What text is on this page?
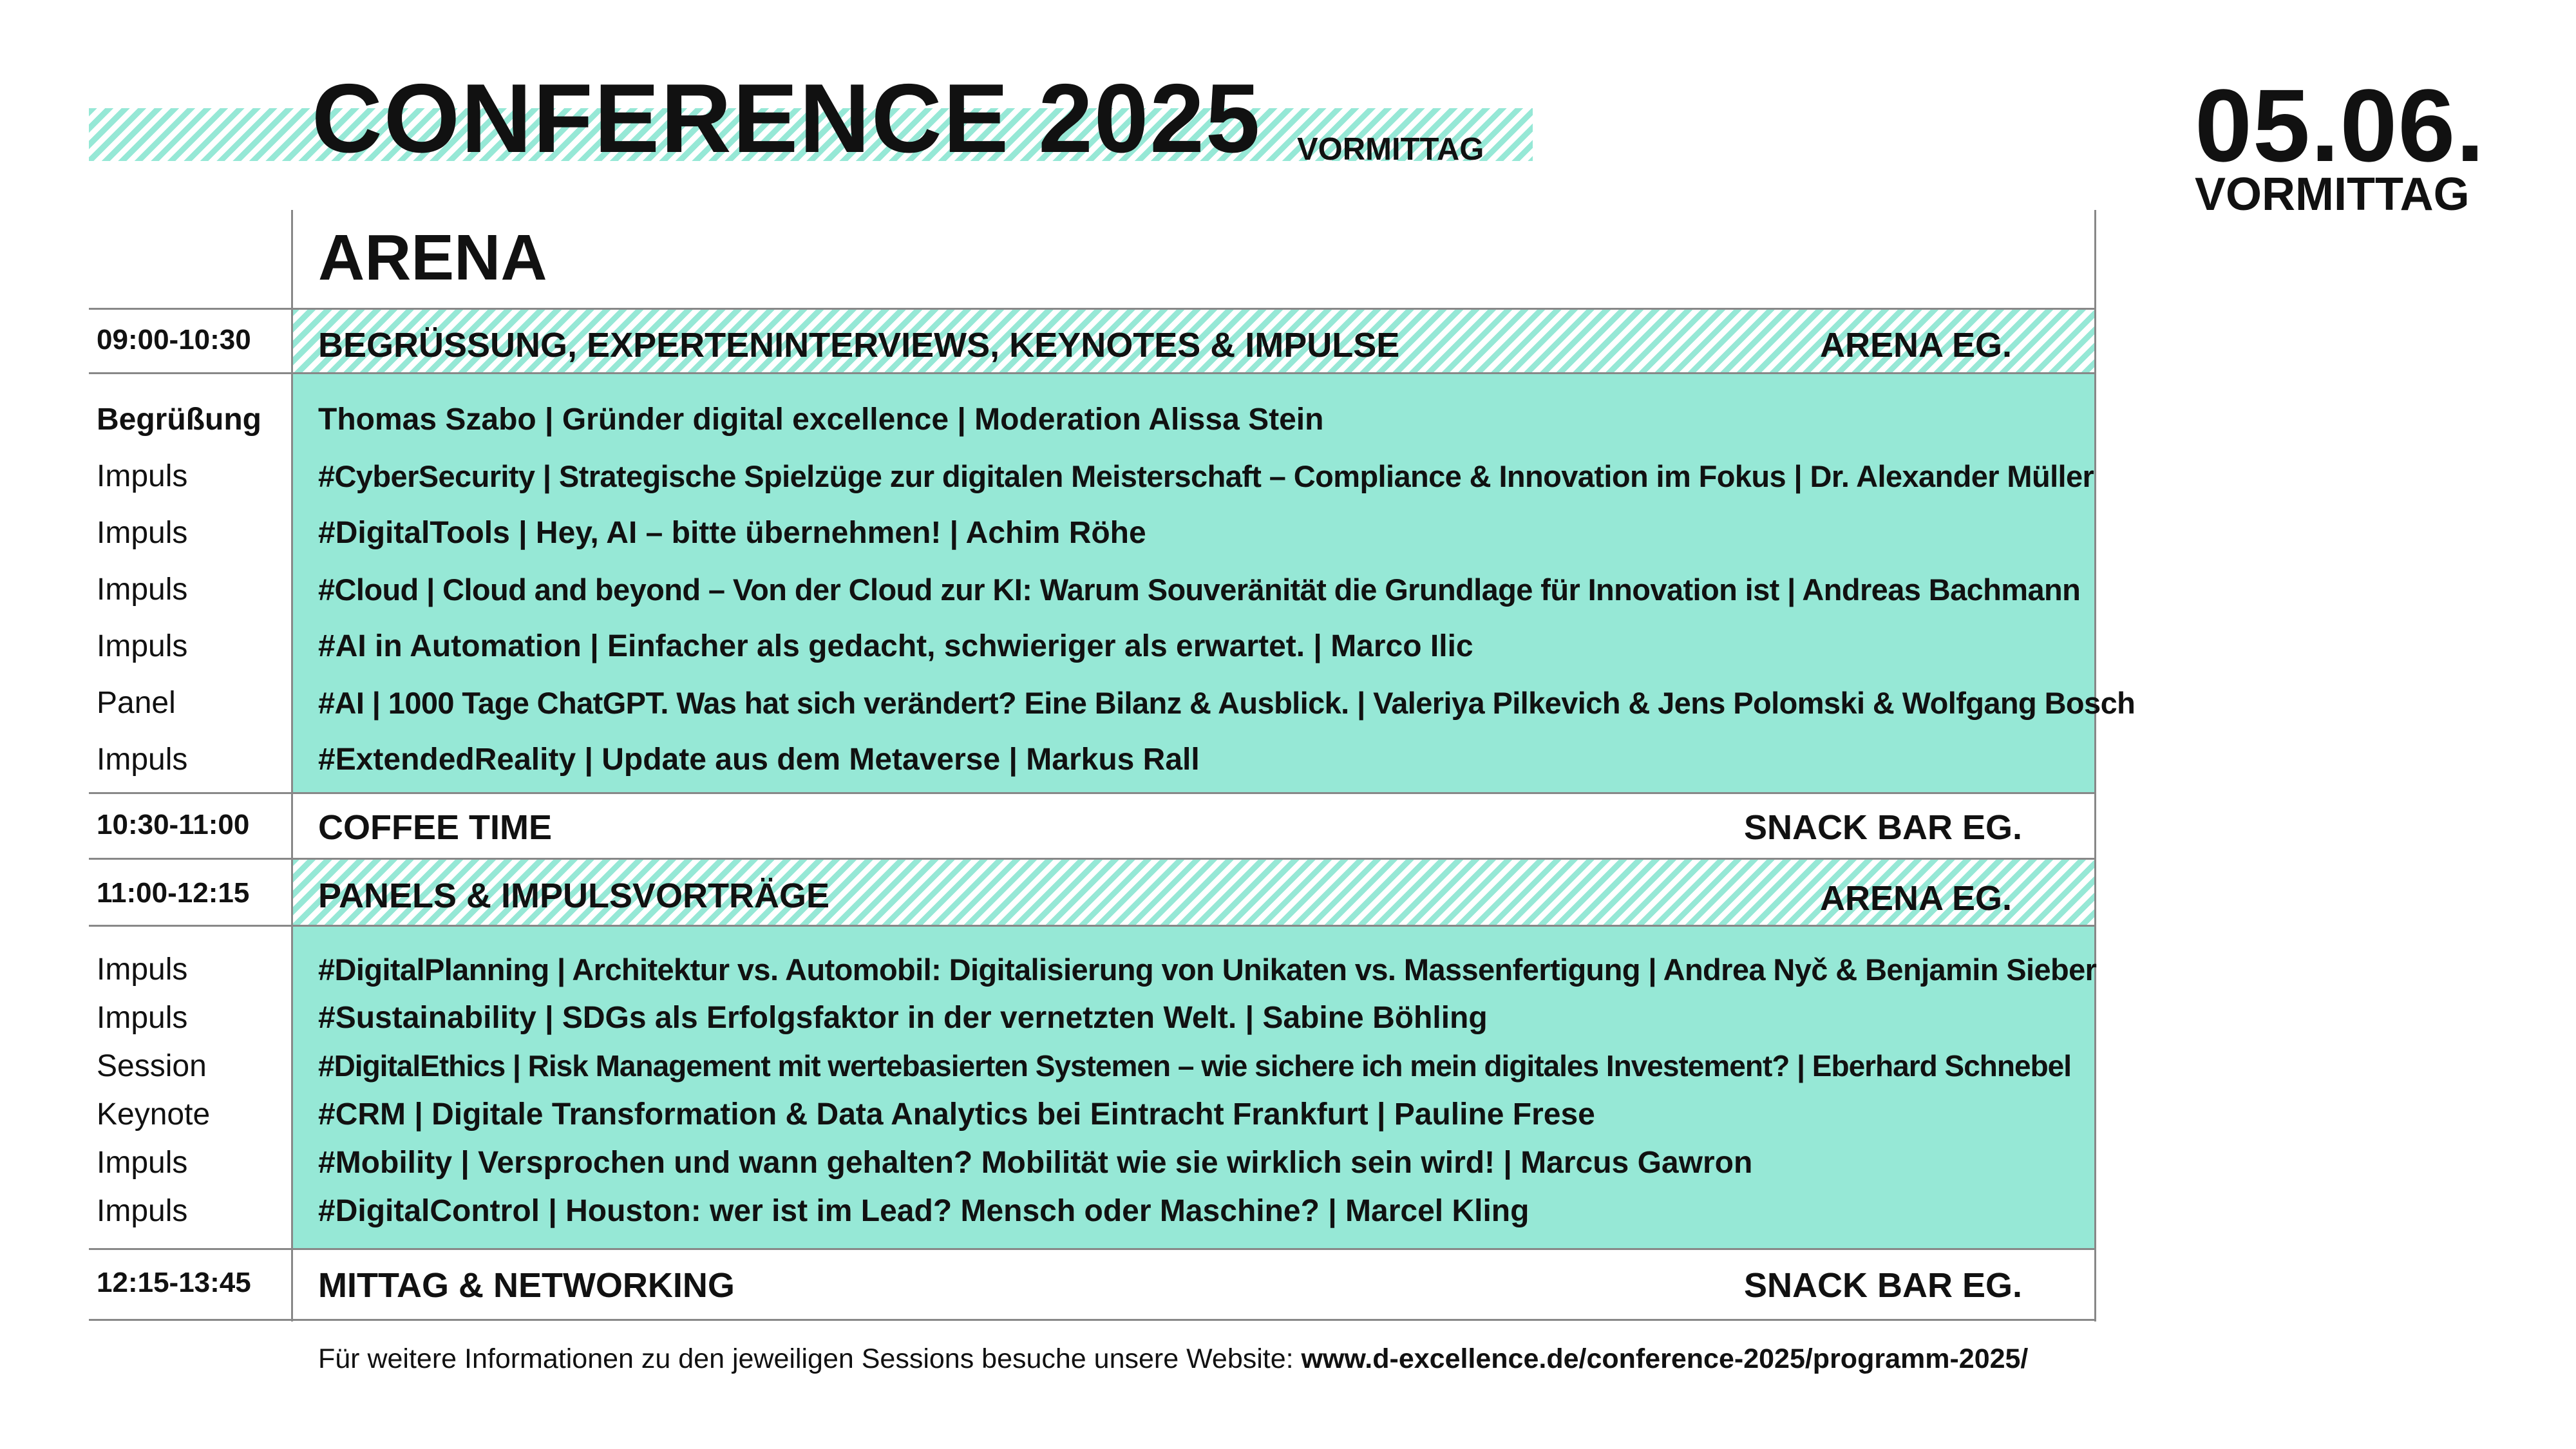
CONFERENCE 2025 VORMITTAG	05.06.
VORMITTAG
ARENA
09:00-10:30 BEGRÜSSUNG, EXPERTENINTERVIEWS, KEYNOTES & IMPULSE	ARENA EG.
Begrüßung Thomas Szabo | Gründer digital excellence | Moderation Alissa Stein
Impuls	#CyberSecurity | Strategische Spielzüge zur digitalen Meisterschaft – Compliance & Innovation im Fokus | Dr. Alexander Müller
Impuls	#DigitalTools | Hey, AI – bitte übernehmen! | Achim Röhe
Impuls	#Cloud | Cloud and beyond – Von der Cloud zur KI: Warum Souveränität die Grundlage für Innovation ist | Andreas Bachmann
Impuls	#AI in Automation | Einfacher als gedacht, schwieriger als erwartet. | Marco Ilic
Panel	#AI | 1000 Tage ChatGPT. Was hat sich verändert? Eine Bilanz & Ausblick. | Valeriya Pilkevich & Jens Polomski & Wolfgang Bosch
Impuls	#ExtendedReality | Update aus dem Metaverse | Markus Rall
10:30-11:00 COFFEE TIME	SNACK BAR EG.
11:00-12:15 PANELS & IMPULSVORTRÄGE	ARENA EG.
Impuls	#DigitalPlanning | Architektur vs. Automobil: Digitalisierung von Unikaten vs. Massenfertigung | Andrea Nyč & Benjamin Sieber
Impuls	#Sustainability | SDGs als Erfolgsfaktor in der vernetzten Welt. | Sabine Böhling
Session	#DigitalEthics | Risk Management mit wertebasierten Systemen – wie sichere ich mein digitales Investement? | Eberhard Schnebel
Keynote	#CRM | Digitale Transformation & Data Analytics bei Eintracht Frankfurt | Pauline Frese
Impuls	#Mobility | Versprochen und wann gehalten? Mobilität wie sie wirklich sein wird! | Marcus Gawron
Impuls	#DigitalControl | Houston: wer ist im Lead? Mensch oder Maschine? | Marcel Kling
12:15-13:45 MITTAG & NETWORKING	SNACK BAR EG.
Für weitere Informationen zu den jeweiligen Sessions besuche unsere Website: www.d-excellence.de/conference-2025/programm-2025/
